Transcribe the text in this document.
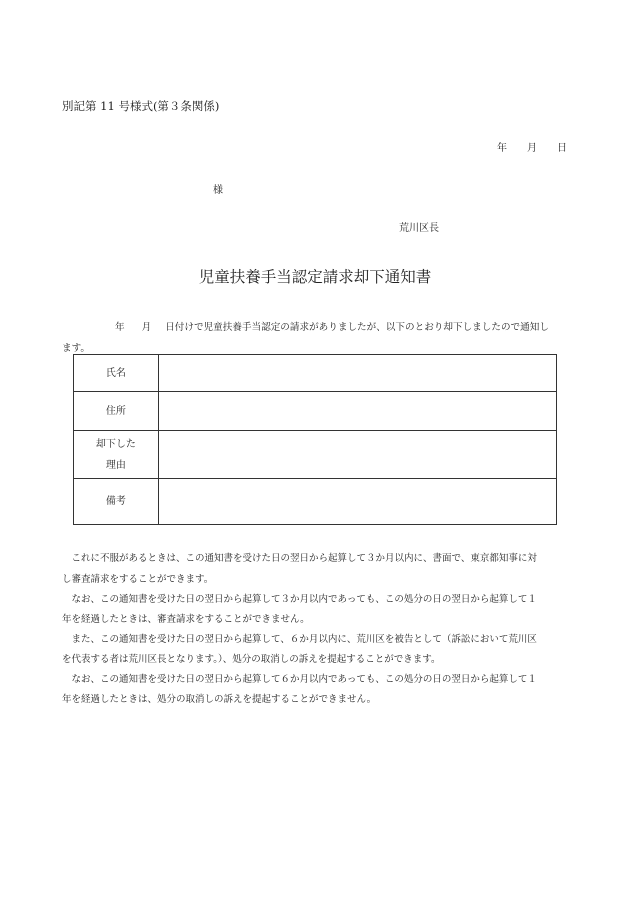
別記第 11 号様式(第３条関係)
年 月 日
様
荒川区長
児童扶養手当認定請求却下通知書
年 月 日付けで児童扶養手当認定の請求がありましたが、以下のとおり却下しましたので通知し
ます。
氏名	
住所	

却下した
理由	

備考	
　これに不服があるときは、この通知書を受けた日の翌日から起算して３か月以内に、書面で、東京都知事に対
し審査請求をすることができます。
　なお、この通知書を受けた日の翌日から起算して３か月以内であっても、この処分の日の翌日から起算して１
年を経過したときは、審査請求をすることができません。
　また、この通知書を受けた日の翌日から起算して、６か月以内に、荒川区を被告として（訴訟において荒川区
を代表する者は荒川区長となります。）、処分の取消しの訴えを提起することができます。
　なお、この通知書を受けた日の翌日から起算して６か月以内であっても、この処分の日の翌日から起算して１
年を経過したときは、処分の取消しの訴えを提起することができません。
